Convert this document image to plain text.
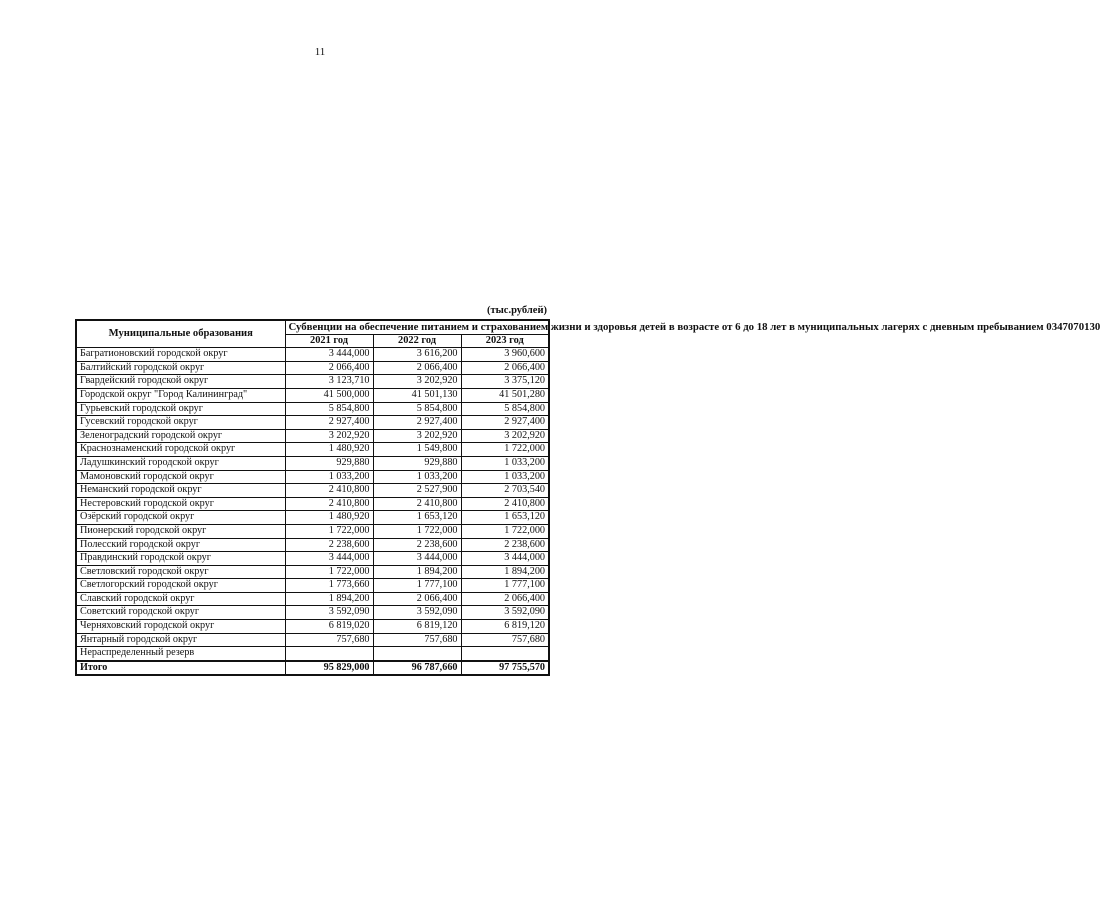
11
(тыс.рублей)
Муниципальные образования	Субвенции на обеспечение питанием и страхованием жизни и здоровья детей в возрасте от 6 до 18 лет в муниципальных лагерях с дневным пребыванием 0347070130		
	2021 год	2022 год	2023 год
Багратионовский городской округ	3 444,000	3 616,200	3 960,600
Балтийский городской округ	2 066,400	2 066,400	2 066,400
Гвардейский городской округ	3 123,710	3 202,920	3 375,120
Городской округ "Город Калининград"	41 500,000	41 501,130	41 501,280
Гурьевский городской округ	5 854,800	5 854,800	5 854,800
Гусевский городской округ	2 927,400	2 927,400	2 927,400
Зеленоградский городской округ	3 202,920	3 202,920	3 202,920
Краснознаменский городской округ	1 480,920	1 549,800	1 722,000
Ладушкинский городской округ	929,880	929,880	1 033,200
Мамоновский городской округ	1 033,200	1 033,200	1 033,200
Неманский городской округ	2 410,800	2 527,900	2 703,540
Нестеровский городской округ	2 410,800	2 410,800	2 410,800
Озёрский городской округ	1 480,920	1 653,120	1 653,120
Пионерский городской округ	1 722,000	1 722,000	1 722,000
Полесский городской округ	2 238,600	2 238,600	2 238,600
Правдинский городской округ	3 444,000	3 444,000	3 444,000
Светловский городской округ	1 722,000	1 894,200	1 894,200
Светлогорский городской округ	1 773,660	1 777,100	1 777,100
Славский городской округ	1 894,200	2 066,400	2 066,400
Советский городской округ	3 592,090	3 592,090	3 592,090
Черняховский городской округ	6 819,020	6 819,120	6 819,120
Янтарный городской округ	757,680	757,680	757,680
Нераспределенный резерв			
Итого	95 829,000	96 787,660	97 755,570
